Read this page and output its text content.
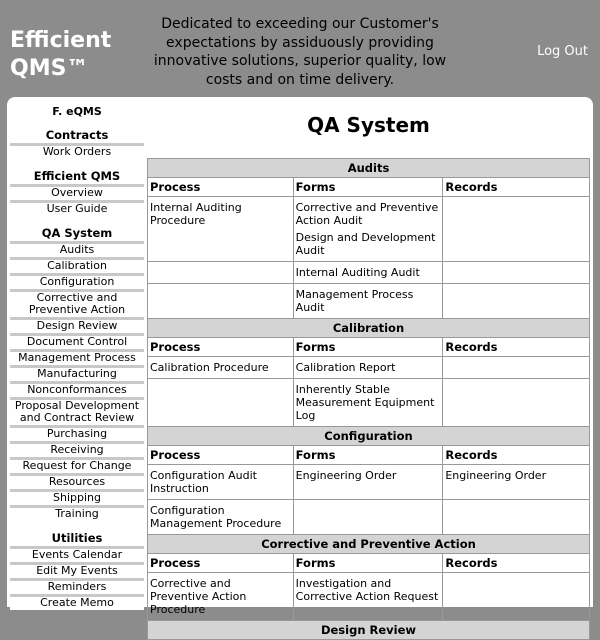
Efficient
QMS™
Dedicated to exceeding our Customer's expectations by assiduously providing innovative solutions, superior quality, low costs and on time delivery.
Log Out
F. eQMS
Contracts
Work Orders
Efficient QMS
Overview
User Guide
QA System
Audits
Calibration
Configuration
Corrective and Preventive Action
Design Review
Document Control
Management Process
Manufacturing
Nonconformances
Proposal Development and Contract Review
Purchasing
Receiving
Request for Change
Resources
Shipping
Training
Utilities
Events Calendar
Edit My Events
Reminders
Create Memo
QA System
Audits		
Process	Forms	Records

Internal Auditing Procedure	Corrective and Preventive Action Audit
Design and Development Audit	

	Internal Auditing Audit	

	Management Process Audit	

Calibration		
Process	Forms	Records

Calibration Procedure	Calibration Report	

	Inherently Stable Measurement Equipment Log	

Configuration		
Process	Forms	Records

Configuration Audit Instruction	Engineering Order	Engineering Order

Configuration Management Procedure		

Corrective and Preventive Action		
Process	Forms	Records

Corrective and Preventive Action Procedure	Investigation and Corrective Action Request	

Design Review		
